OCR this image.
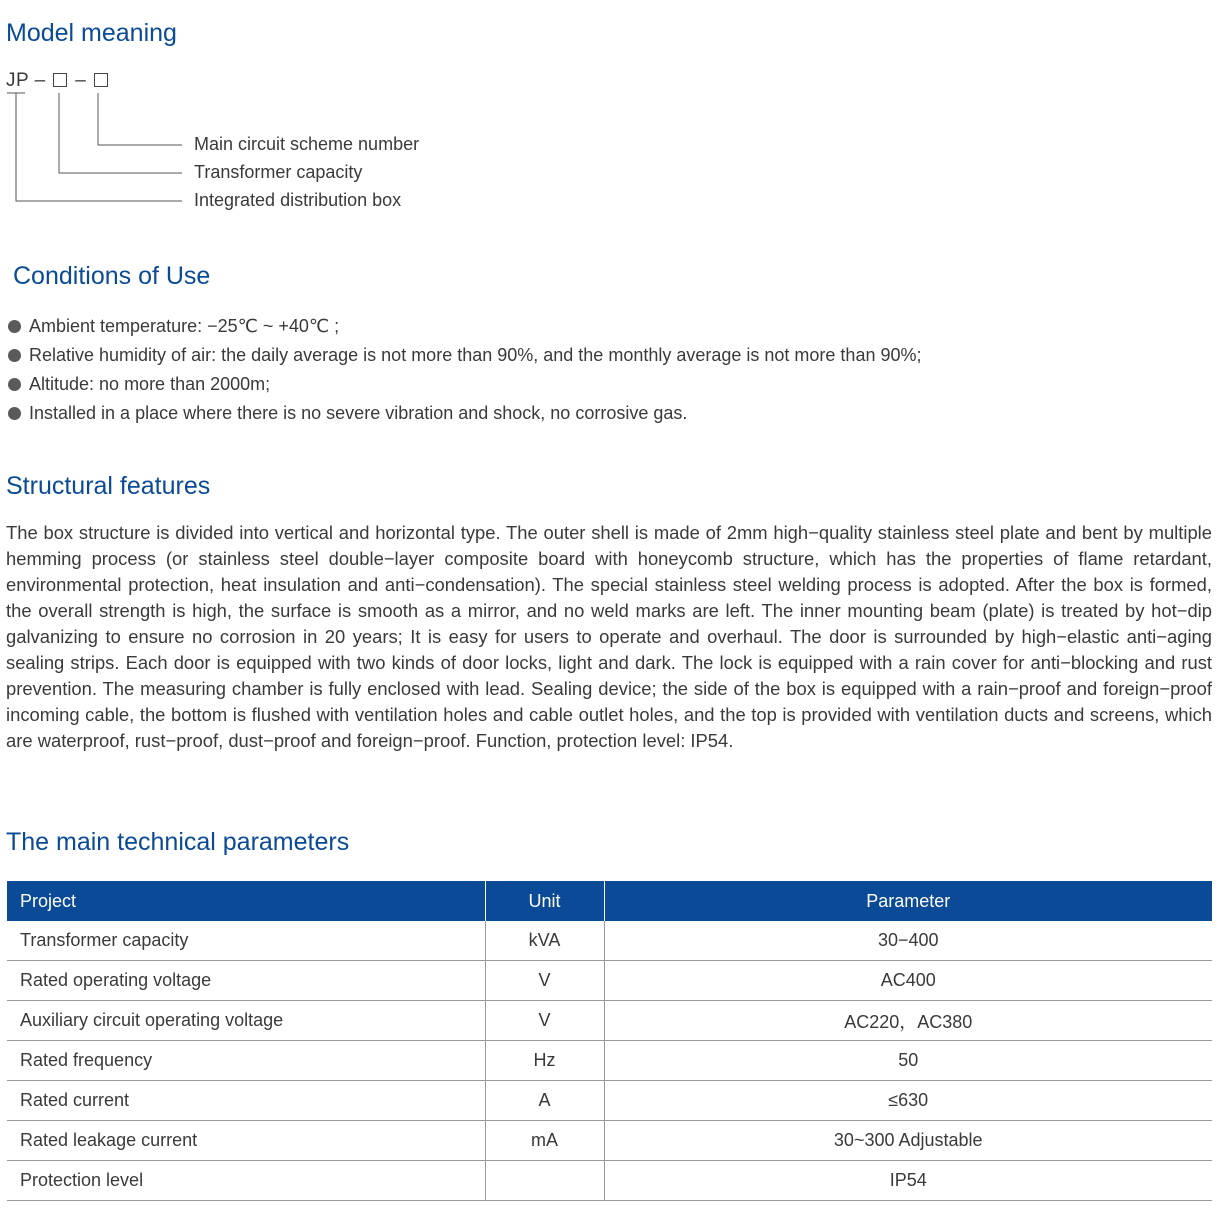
Model meaning
JP – –
Main circuit scheme number
Transformer capacity
Integrated distribution box
Conditions of Use
Ambient temperature: −25℃ ~ +40℃ ;
Relative humidity of air: the daily average is not more than 90%, and the monthly average is not more than 90%;
Altitude: no more than 2000m;
Installed in a place where there is no severe vibration and shock, no corrosive gas.
Structural features

The box structure is divided into vertical and horizontal type. The outer shell is made of 2mm high−quality stainless steel plate and bent by multiple hemming process (or stainless steel double−layer composite board with honeycomb structure, which has the properties of flame retardant, environmental protection, heat insulation and anti−condensation). The special stainless steel welding process is adopted. After the box is formed, the overall strength is high, the surface is smooth as a mirror, and no weld marks are left. The inner mounting beam (plate) is treated by hot−dip galvanizing to ensure no corrosion in 20 years; It is easy for users to operate and overhaul. The door is surrounded by high−elastic anti−aging sealing strips. Each door is equipped with two kinds of door locks, light and dark. The lock is equipped with a rain cover for anti−blocking and rust prevention. The measuring chamber is fully enclosed with lead. Sealing device; the side of the box is equipped with a rain−proof and foreign−proof incoming cable, the bottom is flushed with ventilation holes and cable outlet holes, and the top is provided with ventilation ducts and screens, which are waterproof, rust−proof, dust−proof and foreign−proof. Function, protection level: IP54.

The main technical parameters
Project	Unit	Parameter
Transformer capacity	kVA	30−400
Rated operating voltage	V	AC400
Auxiliary circuit operating voltage	V	AC220，AC380
Rated frequency	Hz	50
Rated current	A	≤630
Rated leakage current	mA	30~300 Adjustable
Protection level		IP54
